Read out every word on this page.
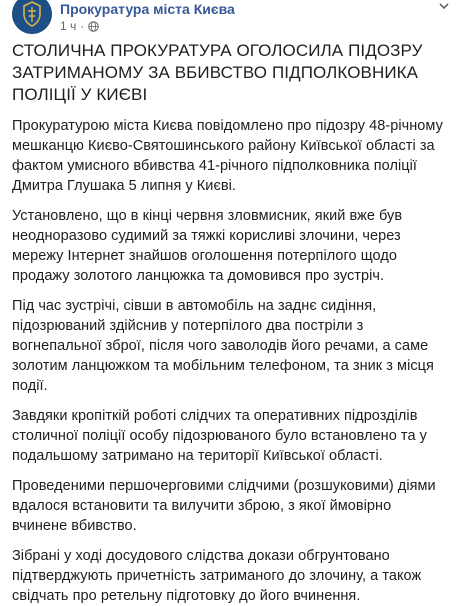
Прокуратура міста Києва
1 ч ·

СТОЛИЧНА ПРОКУРАТУРА ОГОЛОСИЛА ПІДОЗРУ ЗАТРИМАНОМУ ЗА ВБИВСТВО ПІДПОЛКОВНИКА ПОЛІЦІЇ У КИЄВІ

Прокуратурою міста Києва повідомлено про підозру 48-річному мешканцю Києво-Святошинського району Київської області за фактом умисного вбивства 41-річного підполковника поліції Дмитра Глушака 5 липня у Києві.

Установлено, що в кінці червня зловмисник, який вже був неодноразово судимий за тяжкі корисливі злочини, через мережу Інтернет знайшов оголошення потерпілого щодо продажу золотого ланцюжка та домовився про зустріч.

Під час зустрічі, сівши в автомобіль на заднє сидіння, підозрюваний здійснив у потерпілого два постріли з вогнепальної зброї, після чого заволодів його речами, а саме золотим ланцюжком та мобільним телефоном, та зник з місця події.

Завдяки кропіткій роботі слідчих та оперативних підрозділів столичної поліції особу підозрюваного було встановлено та у подальшому затримано на території Київської області.

Проведеними першочерговими слідчими (розшуковими) діями вдалося встановити та вилучити зброю, з якої ймовірно вчинене вбивство.

Зібрані у ході досудового слідства докази обгрунтовано підтверджують причетність затриманого до злочину, а також свідчать про ретельну підготовку до його вчинення.
